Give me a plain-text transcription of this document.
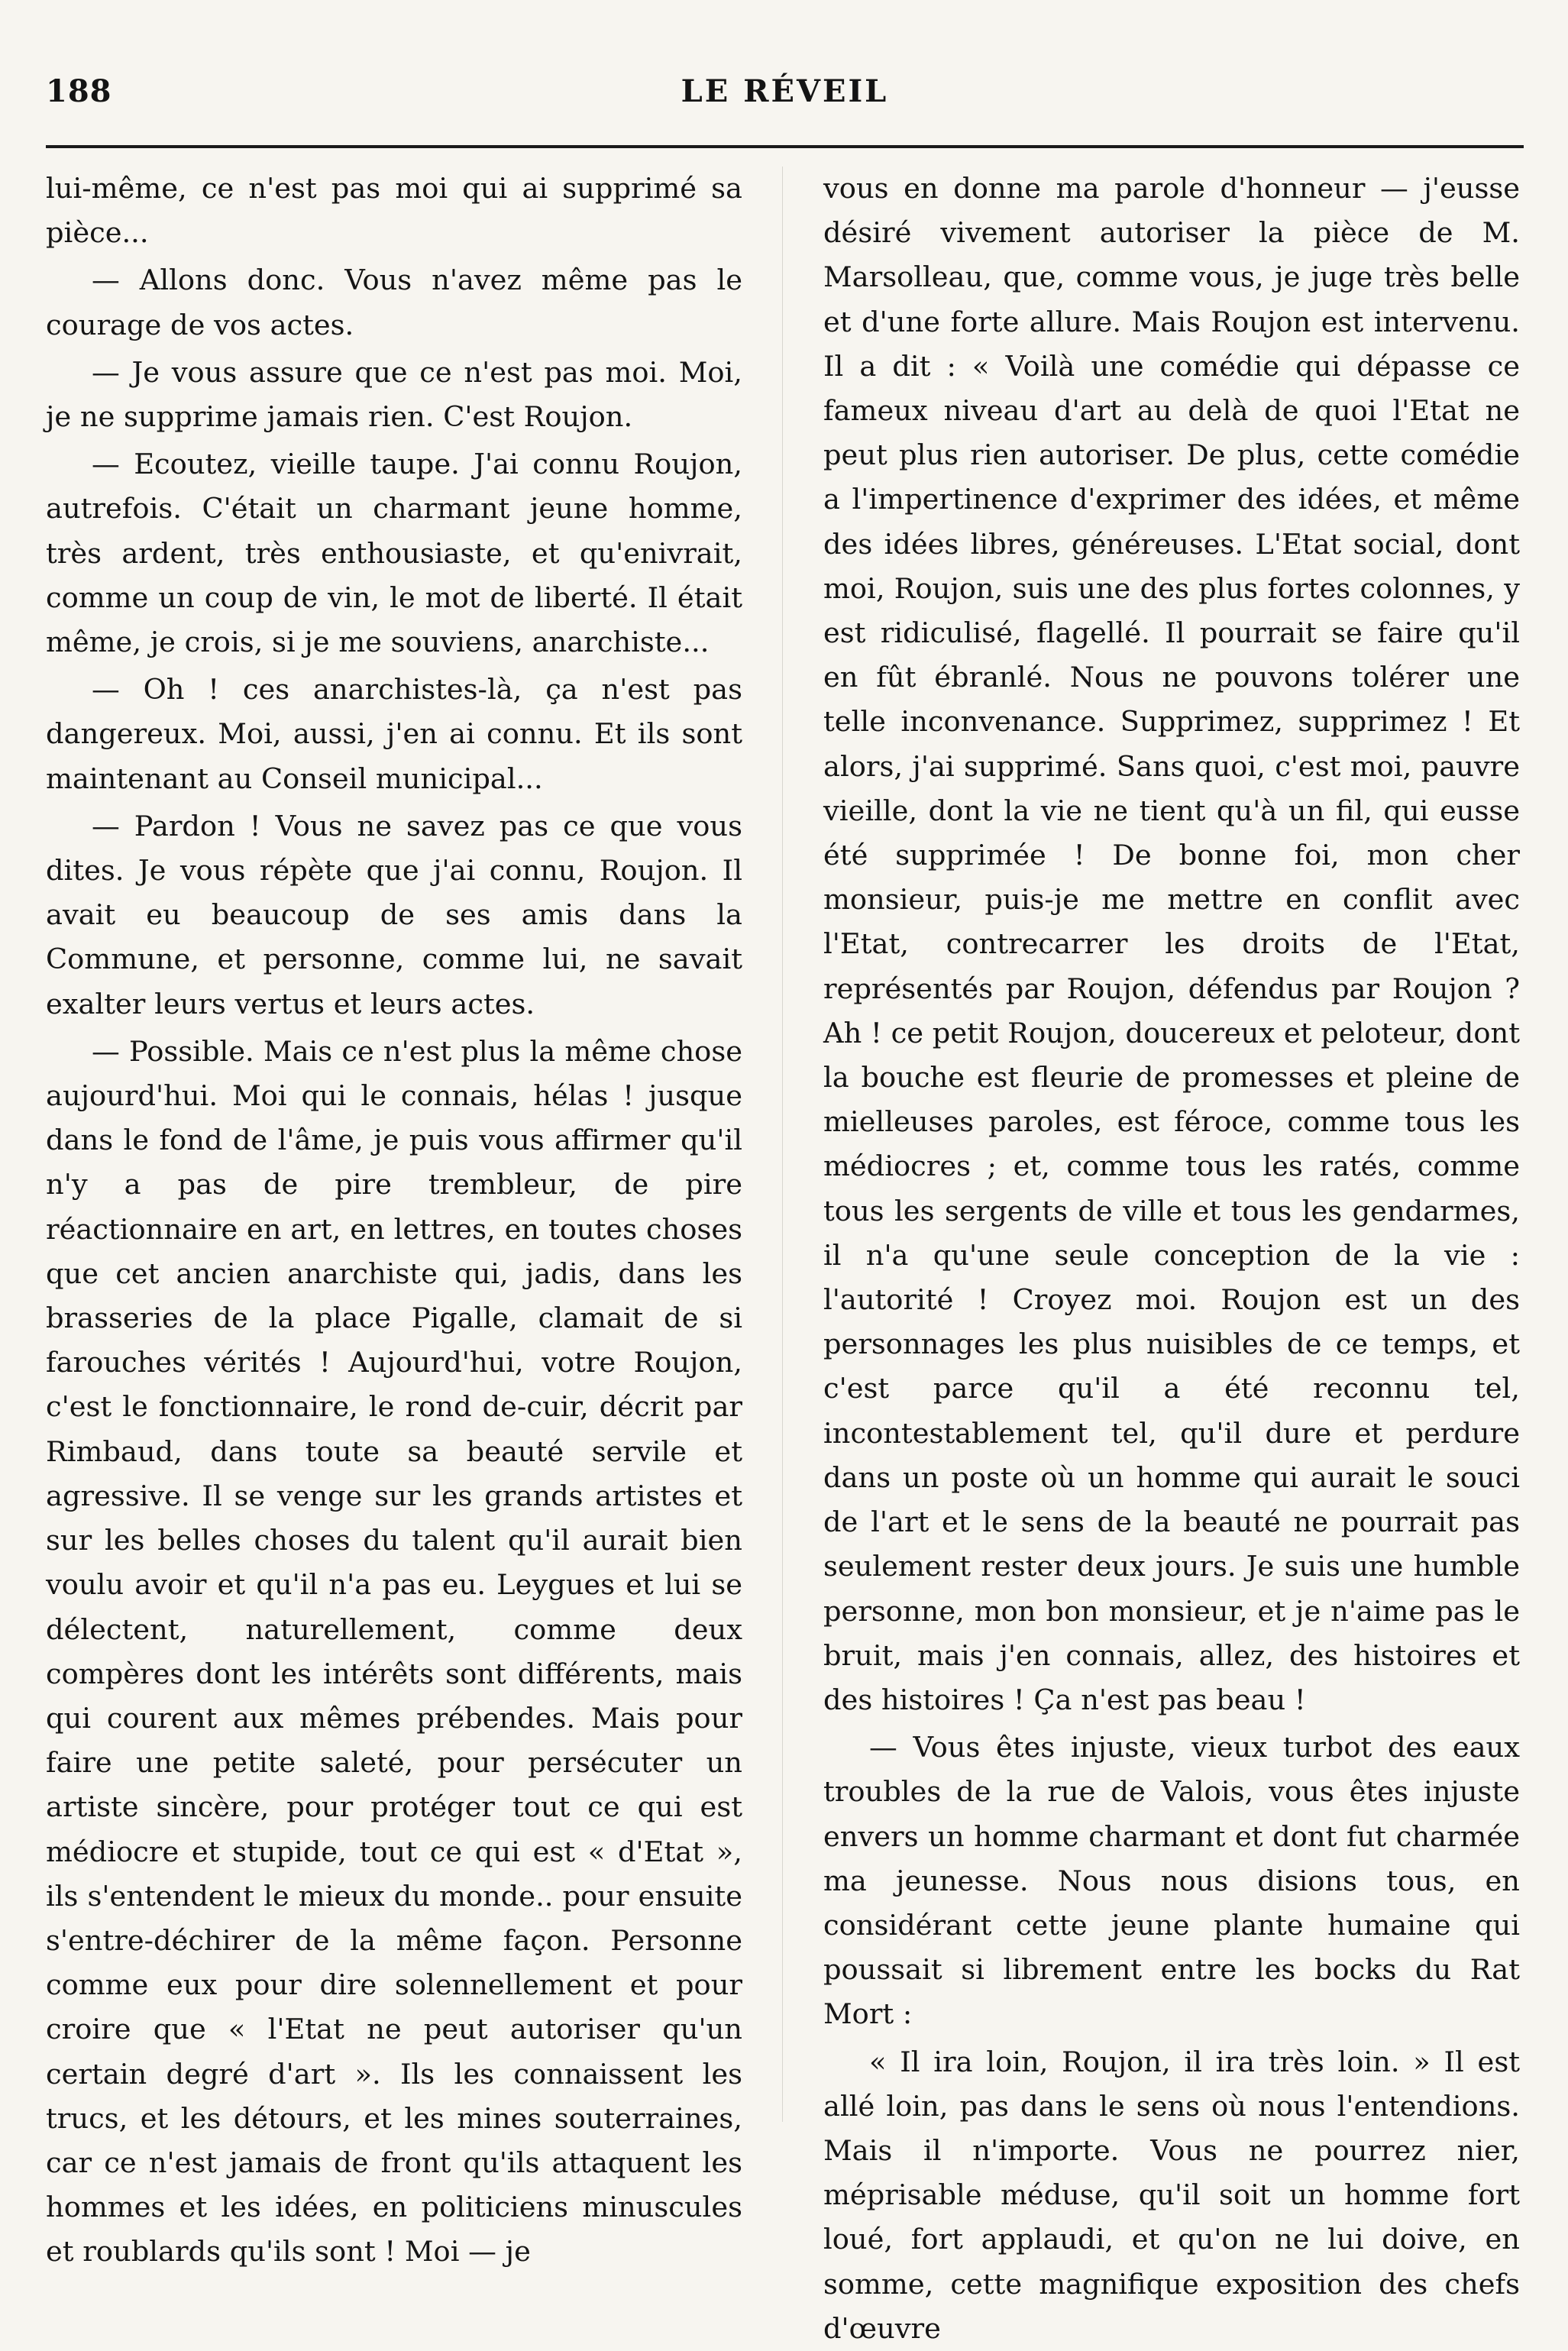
188	LE RÉVEIL

lui-même, ce n'est pas moi qui ai supprimé sa pièce...

— Allons donc. Vous n'avez même pas le courage de vos actes.

— Je vous assure que ce n'est pas moi. Moi, je ne supprime jamais rien. C'est Roujon.

— Ecoutez, vieille taupe. J'ai connu Roujon, autrefois. C'était un charmant jeune homme, très ardent, très enthousiaste, et qu'enivrait, comme un coup de vin, le mot de liberté. Il était même, je crois, si je me souviens, anarchiste...

— Oh ! ces anarchistes-là, ça n'est pas dangereux. Moi, aussi, j'en ai connu. Et ils sont maintenant au Conseil municipal...

— Pardon ! Vous ne savez pas ce que vous dites. Je vous répète que j'ai connu, Roujon. Il avait eu beaucoup de ses amis dans la Commune, et personne, comme lui, ne savait exalter leurs vertus et leurs actes.

— Possible. Mais ce n'est plus la même chose aujourd'hui. Moi qui le connais, hélas ! jusque dans le fond de l'âme, je puis vous affirmer qu'il n'y a pas de pire trembleur, de pire réactionnaire en art, en lettres, en toutes choses que cet ancien anarchiste qui, jadis, dans les brasseries de la place Pigalle, clamait de si farouches vérités ! Aujourd'hui, votre Roujon, c'est le fonctionnaire, le rond de-cuir, décrit par Rimbaud, dans toute sa beauté servile et agressive. Il se venge sur les grands artistes et sur les belles choses du talent qu'il aurait bien voulu avoir et qu'il n'a pas eu. Leygues et lui se délectent, naturellement, comme deux compères dont les intérêts sont différents, mais qui courent aux mêmes prébendes. Mais pour faire une petite saleté, pour persécuter un artiste sincère, pour protéger tout ce qui est médiocre et stupide, tout ce qui est « d'Etat », ils s'entendent le mieux du monde.. pour ensuite s'entre-déchirer de la même façon. Personne comme eux pour dire solennellement et pour croire que « l'Etat ne peut autoriser qu'un certain degré d'art ». Ils les connaissent les trucs, et les détours, et les mines souterraines, car ce n'est jamais de front qu'ils attaquent les hommes et les idées, en politiciens minuscules et roublards qu'ils sont ! Moi — je

vous en donne ma parole d'honneur — j'eusse désiré vivement autoriser la pièce de M. Marsolleau, que, comme vous, je juge très belle et d'une forte allure. Mais Roujon est intervenu. Il a dit : « Voilà une comédie qui dépasse ce fameux niveau d'art au delà de quoi l'Etat ne peut plus rien autoriser. De plus, cette comédie a l'impertinence d'exprimer des idées, et même des idées libres, généreuses. L'Etat social, dont moi, Roujon, suis une des plus fortes colonnes, y est ridiculisé, flagellé. Il pourrait se faire qu'il en fût ébranlé. Nous ne pouvons tolérer une telle inconvenance. Supprimez, supprimez ! Et alors, j'ai supprimé. Sans quoi, c'est moi, pauvre vieille, dont la vie ne tient qu'à un fil, qui eusse été supprimée ! De bonne foi, mon cher monsieur, puis-je me mettre en conflit avec l'Etat, contrecarrer les droits de l'Etat, représentés par Roujon, défendus par Roujon ? Ah ! ce petit Roujon, doucereux et peloteur, dont la bouche est fleurie de promesses et pleine de mielleuses paroles, est féroce, comme tous les médiocres ; et, comme tous les ratés, comme tous les sergents de ville et tous les gendarmes, il n'a qu'une seule conception de la vie : l'autorité ! Croyez moi. Roujon est un des personnages les plus nuisibles de ce temps, et c'est parce qu'il a été reconnu tel, incontestablement tel, qu'il dure et perdure dans un poste où un homme qui aurait le souci de l'art et le sens de la beauté ne pourrait pas seulement rester deux jours. Je suis une humble personne, mon bon monsieur, et je n'aime pas le bruit, mais j'en connais, allez, des histoires et des histoires ! Ça n'est pas beau !

— Vous êtes injuste, vieux turbot des eaux troubles de la rue de Valois, vous êtes injuste envers un homme charmant et dont fut charmée ma jeunesse. Nous nous disions tous, en considérant cette jeune plante humaine qui poussait si librement entre les bocks du Rat Mort :

« Il ira loin, Roujon, il ira très loin. » Il est allé loin, pas dans le sens où nous l'entendions. Mais il n'importe. Vous ne pourrez nier, méprisable méduse, qu'il soit un homme fort loué, fort applaudi, et qu'on ne lui doive, en somme, cette magnifique exposition des chefs d'œuvre
